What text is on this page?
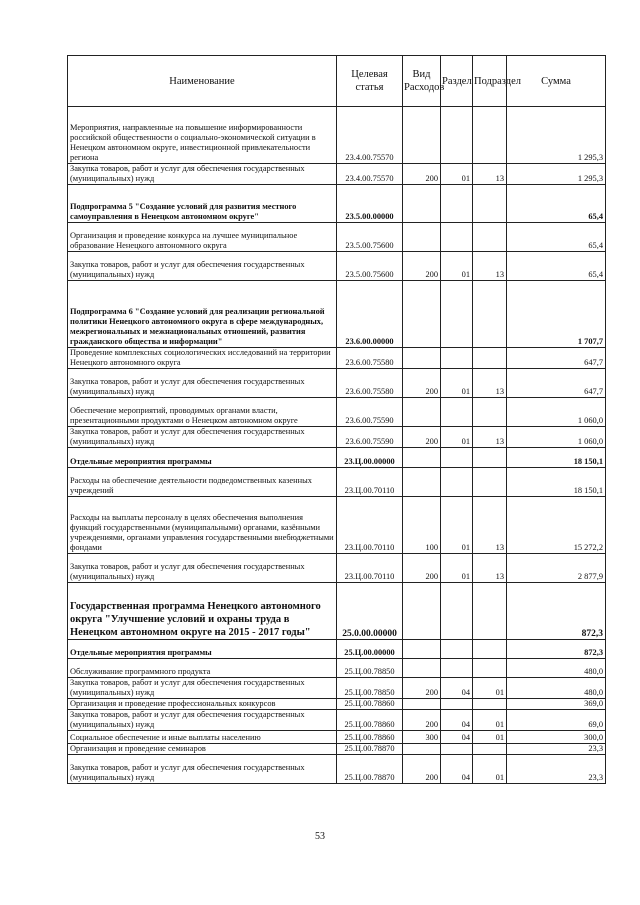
Наименование	Целевая статья	Вид Расходов	Раздел	Подраздел	Сумма
Мероприятия, направленные на повышение информированности российской общественности о социально-экономической ситуации в Ненецком автономном округе, инвестиционной привлекательности региона	23.4.00.75570				1 295,3
Закупка товаров, работ и услуг для обеспечения государственных (муниципальных) нужд	23.4.00.75570	200	01	13	1 295,3
Подпрограмма 5 "Создание условий для развития местного самоуправления в Ненецком автономном округе"	23.5.00.00000				65,4
Организация и проведение конкурса на лучшее муниципальное образование Ненецкого автономного округа	23.5.00.75600				65,4
Закупка товаров, работ и услуг для обеспечения государственных (муниципальных) нужд	23.5.00.75600	200	01	13	65,4
Подпрограмма 6 "Создание условий для реализации региональной политики Ненецкого автономного округа в сфере международных, межрегиональных и межнациональных отношений, развития гражданского общества и информации"	23.6.00.00000				1 707,7
Проведение комплексных социологических исследований на территории Ненецкого автономного округа	23.6.00.75580				647,7
Закупка товаров, работ и услуг для обеспечения государственных (муниципальных) нужд	23.6.00.75580	200	01	13	647,7
Обеспечение мероприятий, проводимых органами власти, презентационными продуктами о Ненецком автономном округе	23.6.00.75590				1 060,0
Закупка товаров, работ и услуг для обеспечения государственных (муниципальных) нужд	23.6.00.75590	200	01	13	1 060,0
Отдельные мероприятия программы	23.Ц.00.00000				18 150,1
Расходы на обеспечение деятельности подведомственных казенных учреждений	23.Ц.00.70110				18 150,1
Расходы на выплаты персоналу в целях обеспечения выполнения функций государственными (муниципальными) органами, казёнными учреждениями, органами управления государственными внебюджетными фондами	23.Ц.00.70110	100	01	13	15 272,2
Закупка товаров, работ и услуг для обеспечения государственных (муниципальных) нужд	23.Ц.00.70110	200	01	13	2 877,9
Государственная программа Ненецкого автономного округа "Улучшение условий и охраны труда в Ненецком автономном округе на 2015 - 2017 годы"	25.0.00.00000				872,3
Отдельные мероприятия программы	25.Ц.00.00000				872,3
Обслуживание программного продукта	25.Ц.00.78850				480,0
Закупка товаров, работ и услуг для обеспечения государственных (муниципальных) нужд	25.Ц.00.78850	200	04	01	480,0
Организация и проведение профессиональных конкурсов	25.Ц.00.78860				369,0
Закупка товаров, работ и услуг для обеспечения государственных (муниципальных) нужд	25.Ц.00.78860	200	04	01	69,0
Социальное обеспечение и иные выплаты населению	25.Ц.00.78860	300	04	01	300,0
Организация и проведение семинаров	25.Ц.00.78870				23,3
Закупка товаров, работ и услуг для обеспечения государственных (муниципальных) нужд	25.Ц.00.78870	200	04	01	23,3
53
